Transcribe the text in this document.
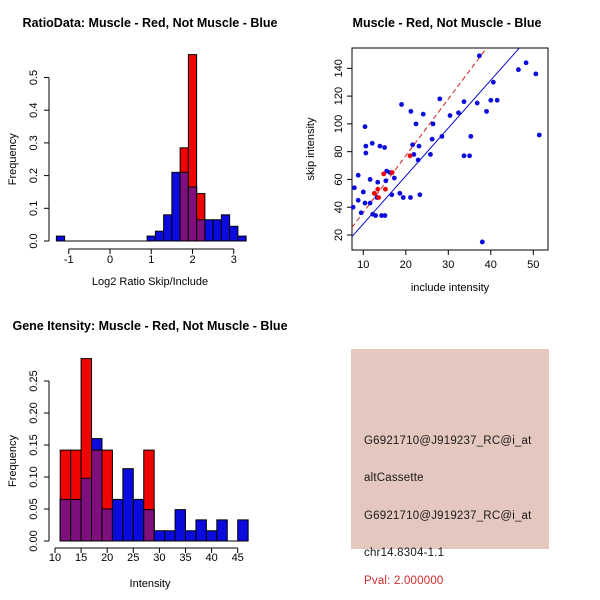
RatioData: Muscle - Red, Not Muscle - Blue
-1	0	1	2	3
Log2 Ratio Skip/Include
0.0
0.1
0.2
0.3
0.4
0.5
Frequency
Muscle - Red, Not Muscle - Blue
10	20	30	40	50
include intensity
20
40
60
80
100
120
140
skip intensity
Gene Itensity: Muscle - Red, Not Muscle - Blue
10 15 20 25 30 35 40 45
Intensity
0.00
0.05
0.10
0.15
0.20
0.25
Frequency	G6921710@J919237_RC@i_at
altCassette
G6921710@J919237_RC@i_at
chr14.8304-1.1
Pval: 2.000000
